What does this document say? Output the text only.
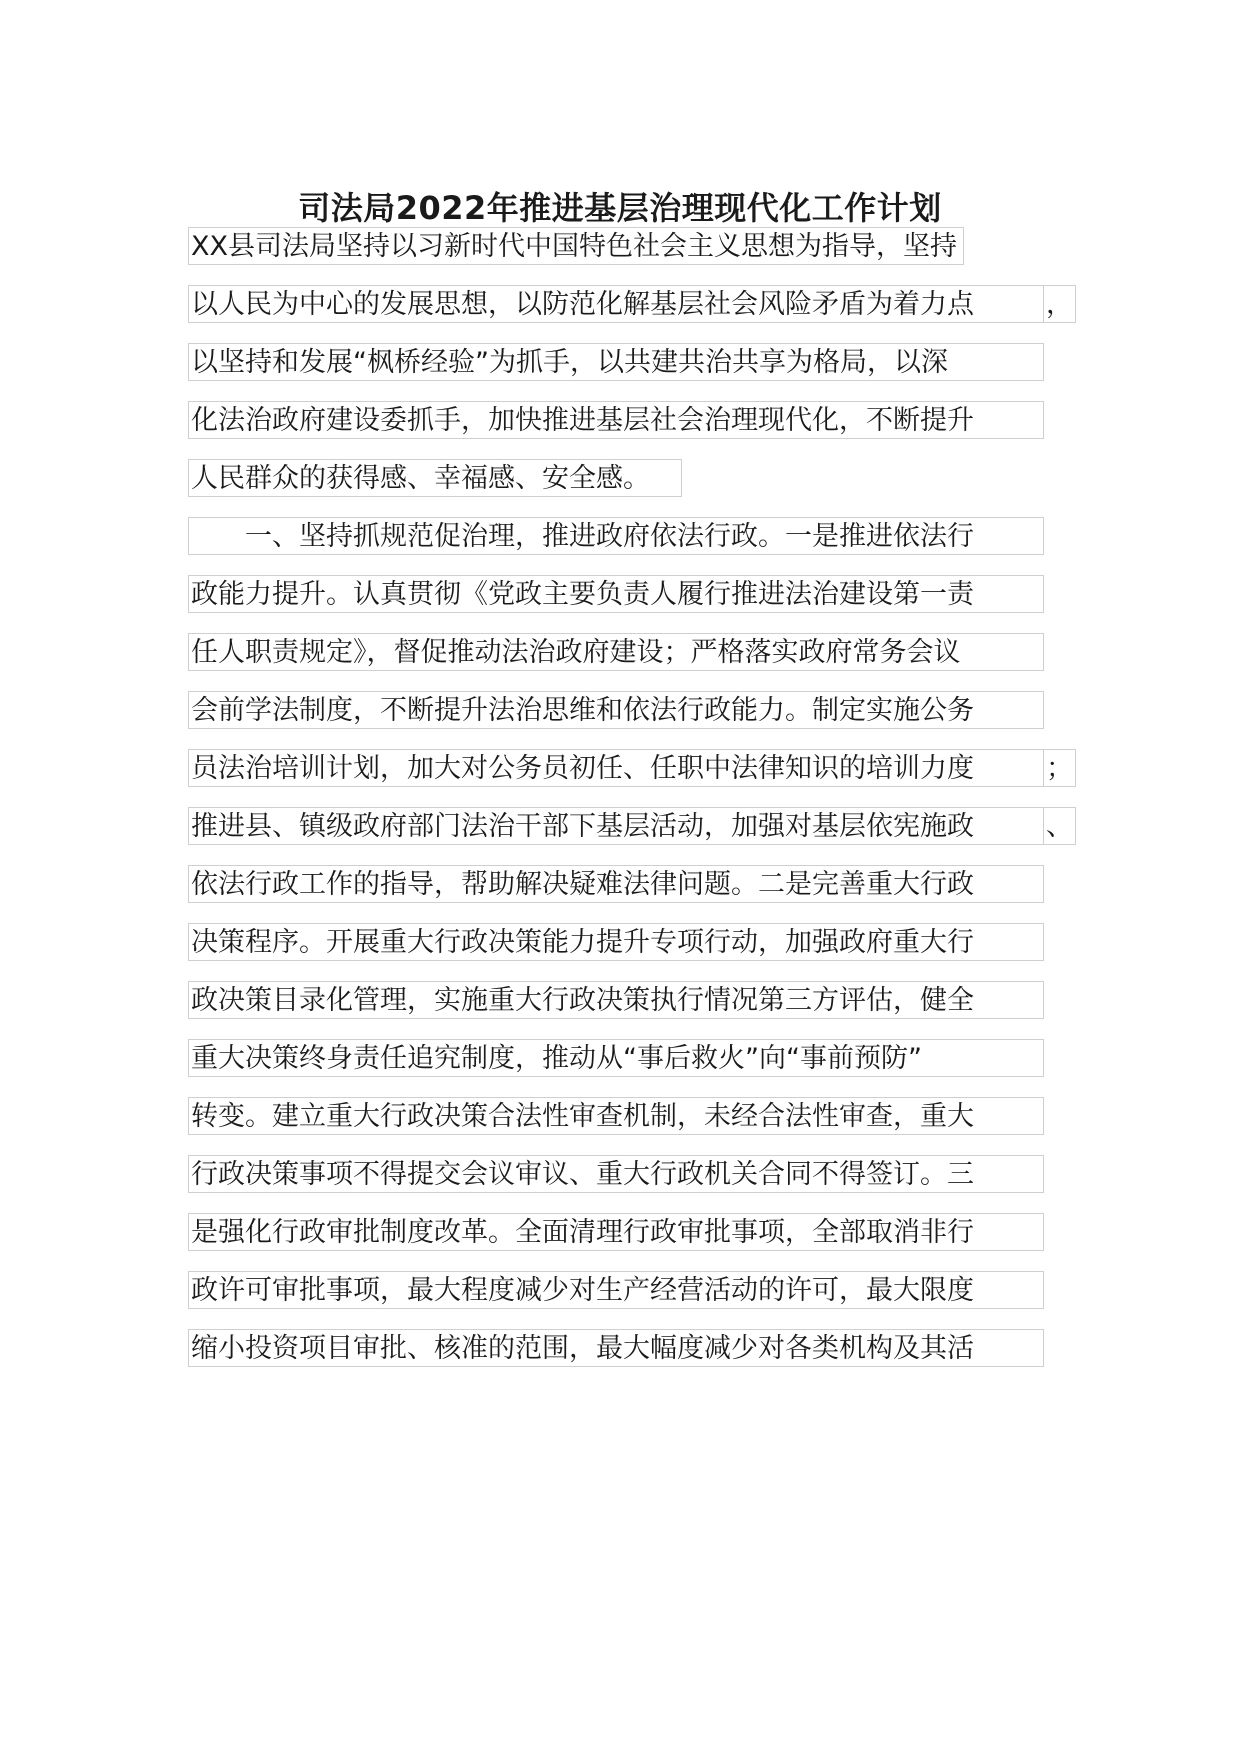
司法局2022年推进基层治理现代化工作计划
XX县司法局坚持以习新时代中国特色社会主义思想为指导，坚持
以人民为中心的发展思想，以防范化解基层社会风险矛盾为着力点	，
以坚持和发展“枫桥经验”为抓手，以共建共治共享为格局，以深
化法治政府建设委抓手，加快推进基层社会治理现代化，不断提升
人民群众的获得感、幸福感、安全感。
　　一、坚持抓规范促治理，推进政府依法行政。一是推进依法行
政能力提升。认真贯彻《党政主要负责人履行推进法治建设第一责
任人职责规定》，督促推动法治政府建设；严格落实政府常务会议
会前学法制度，不断提升法治思维和依法行政能力。制定实施公务
员法治培训计划，加大对公务员初任、任职中法律知识的培训力度	；
推进县、镇级政府部门法治干部下基层活动，加强对基层依宪施政	、
依法行政工作的指导，帮助解决疑难法律问题。二是完善重大行政
决策程序。开展重大行政决策能力提升专项行动，加强政府重大行
政决策目录化管理，实施重大行政决策执行情况第三方评估，健全
重大决策终身责任追究制度，推动从“事后救火”向“事前预防”
转变。建立重大行政决策合法性审查机制，未经合法性审查，重大
行政决策事项不得提交会议审议、重大行政机关合同不得签订。三
是强化行政审批制度改革。全面清理行政审批事项，全部取消非行
政许可审批事项，最大程度减少对生产经营活动的许可，最大限度
缩小投资项目审批、核准的范围，最大幅度减少对各类机构及其活
